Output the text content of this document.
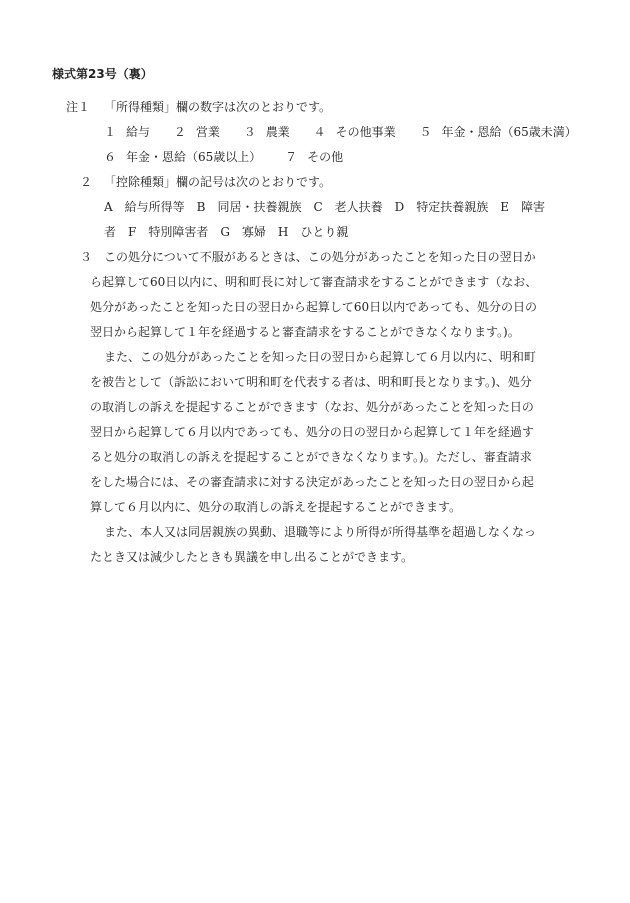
様式第23号（裏）
注１ 「所得種類」欄の数字は次のとおりです。
１ 給与 ２ 営業 ３ 農業 ４ その他事業 ５ 年金・恩給（65歳未満）
６ 年金・恩給（65歳以上） ７ その他
２ 「控除種類」欄の記号は次のとおりです。
A　給与所得等　B　同居・扶養親族　C　老人扶養　D　特定扶養親族　E　障害
者　F　特別障害者　G　寡婦　H　ひとり親
３ この処分について不服があるときは、この処分があったことを知った日の翌日か
ら起算して60日以内に、明和町長に対して審査請求をすることができます（なお、
処分があったことを知った日の翌日から起算して60日以内であっても、処分の日の
翌日から起算して１年を経過すると審査請求をすることができなくなります。)。
また、この処分があったことを知った日の翌日から起算して６月以内に、明和町
を被告として（訴訟において明和町を代表する者は、明和町長となります。)、処分
の取消しの訴えを提起することができます（なお、処分があったことを知った日の
翌日から起算して６月以内であっても、処分の日の翌日から起算して１年を経過す
ると処分の取消しの訴えを提起することができなくなります。)。ただし、審査請求
をした場合には、その審査請求に対する決定があったことを知った日の翌日から起
算して６月以内に、処分の取消しの訴えを提起することができます。
また、本人又は同居親族の異動、退職等により所得が所得基準を超過しなくなっ
たとき又は減少したときも異議を申し出ることができます。
